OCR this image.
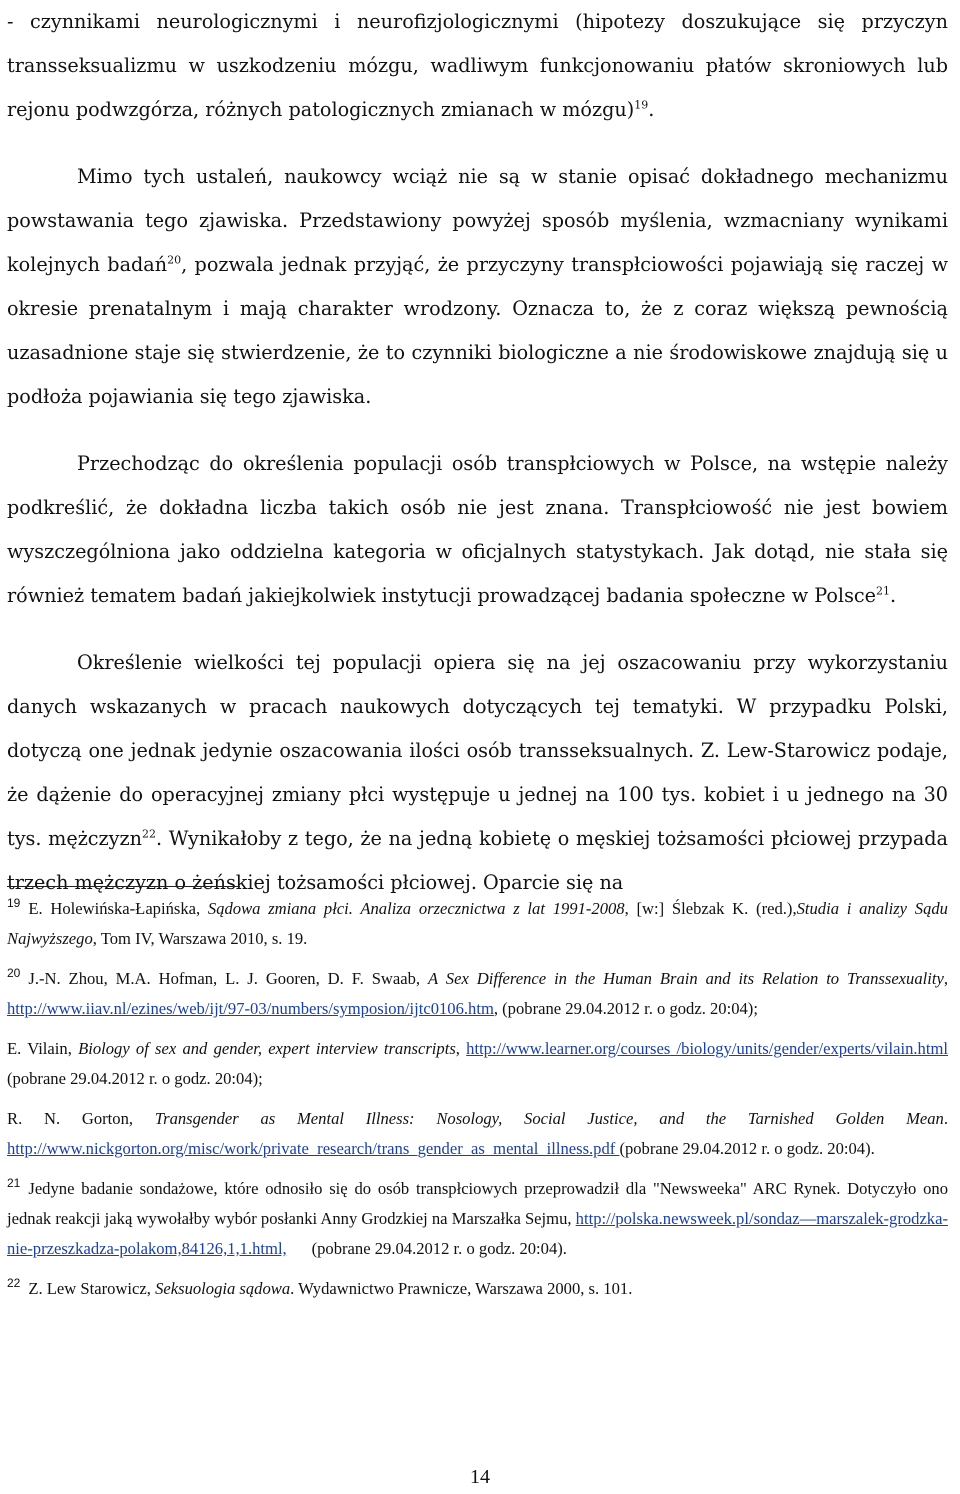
- czynnikami neurologicznymi i neurofizjologicznymi (hipotezy doszukujące się przyczyn transseksualizmu w uszkodzeniu mózgu, wadliwym funkcjonowaniu płatów skroniowych lub rejonu podwzgórza, różnych patologicznych zmianach w mózgu)$^{19}$.

Mimo tych ustaleń, naukowcy wciąż nie są w stanie opisać dokładnego mechanizmu powstawania tego zjawiska. Przedstawiony powyżej sposób myślenia, wzmacniany wynikami kolejnych badań$^{20}$, pozwala jednak przyjąć, że przyczyny transpłciowości pojawiają się raczej w okresie prenatalnym i mają charakter wrodzony. Oznacza to, że z coraz większą pewnością uzasadnione staje się stwierdzenie, że to czynniki biologiczne a nie środowiskowe znajdują się u podłoża pojawiania się tego zjawiska.

Przechodząc do określenia populacji osób transpłciowych w Polsce, na wstępie należy podkreślić, że dokładna liczba takich osób nie jest znana. Transpłciowość nie jest bowiem wyszczególniona jako oddzielna kategoria w oficjalnych statystykach. Jak dotąd, nie stała się również tematem badań jakiejkolwiek instytucji prowadzącej badania społeczne w Polsce$^{21}$.

Określenie wielkości tej populacji opiera się na jej oszacowaniu przy wykorzystaniu danych wskazanych w pracach naukowych dotyczących tej tematyki. W przypadku Polski, dotyczą one jednak jedynie oszacowania ilości osób transseksualnych. Z. Lew-Starowicz podaje, że dążenie do operacyjnej zmiany płci występuje u jednej na 100 tys. kobiet i u jednego na 30 tys. mężczyzn$^{22}$. Wynikałoby z tego, że na jedną kobietę o męskiej tożsamości płciowej przypada trzech mężczyzn o żeńskiej tożsamości płciowej. Oparcie się na

$^{19}$ E. Holewińska-Łapińska, Sądowa zmiana płci. Analiza orzecznictwa z lat 1991-2008, [w:] Ślebzak K. (red.),Studia i analizy Sądu Najwyższego, Tom IV, Warszawa 2010, s. 19.

$^{20}$ J.-N. Zhou, M.A. Hofman, L. J. Gooren, D. F. Swaab, A Sex Difference in the Human Brain and its Relation to Transsexuality, http://www.iiav.nl/ezines/web/ijt/97-03/numbers/symposion/ijtc0106.htm, (pobrane 29.04.2012 r. o godz. 20:04);

E. Vilain, Biology of sex and gender, expert interview transcripts, http://www.learner.org/courses /biology/units/gender/experts/vilain.html (pobrane 29.04.2012 r. o godz. 20:04);

R. N. Gorton, Transgender as Mental Illness: Nosology, Social Justice, and the Tarnished Golden Mean. http://www.nickgorton.org/misc/work/private_research/trans_gender_as_mental_illness.pdf (pobrane 29.04.2012 r. o godz. 20:04).

$^{21}$ Jedyne badanie sondażowe, które odnosiło się do osób transpłciowych przeprowadził dla "Newsweeka" ARC Rynek. Dotyczyło ono jednak reakcji jaką wywołałby wybór posłanki Anny Grodzkiej na Marszałka Sejmu, http://polska.newsweek.pl/sondaz—marszalek-grodzka-nie-przeszkadza-polakom,84126,1,1.html,      (pobrane 29.04.2012 r. o godz. 20:04).

$^{22}$ Z. Lew Starowicz, Seksuologia sądowa. Wydawnictwo Prawnicze, Warszawa 2000, s. 101.

14
